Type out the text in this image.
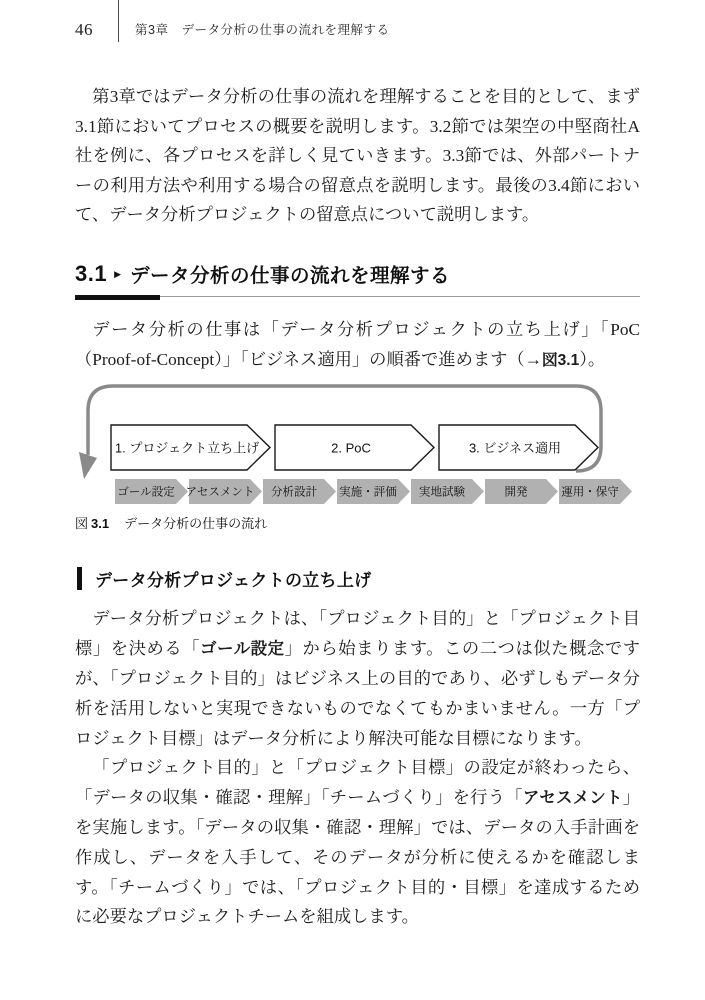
46	第3章　データ分析の仕事の流れを理解する

第3章ではデータ分析の仕事の流れを理解することを目的として、まず3.1節においてプロセスの概要を説明します。3.2節では架空の中堅商社A社を例に、各プロセスを詳しく見ていきます。3.3節では、外部パートナーの利用方法や利用する場合の留意点を説明します。最後の3.4節において、データ分析プロジェクトの留意点について説明します。

3.1 ▶ データ分析の仕事の流れを理解する

データ分析の仕事は「データ分析プロジェクトの立ち上げ」「PoC（Proof-of-Concept）」「ビジネス適用」の順番で進めます（→図3.1）。

1. プロジェクト立ち上げ	2. PoC	3. ビジネス適用
ゴール設定 アセスメント 分析設計 実施・評価 実地試験	開発	運用・保守
図 3.1 データ分析の仕事の流れ
データ分析プロジェクトの立ち上げ

データ分析プロジェクトは、「プロジェクト目的」と「プロジェクト目標」を決める「ゴール設定」から始まります。この二つは似た概念ですが、「プロジェクト目的」はビジネス上の目的であり、必ずしもデータ分析を活用しないと実現できないものでなくてもかまいません。一方「プロジェクト目標」はデータ分析により解決可能な目標になります。

「プロジェクト目的」と「プロジェクト目標」の設定が終わったら、「データの収集・確認・理解」「チームづくり」を行う「アセスメント」を実施します。「データの収集・確認・理解」では、データの入手計画を作成し、データを入手して、そのデータが分析に使えるかを確認します。「チームづくり」では、「プロジェクト目的・目標」を達成するために必要なプロジェクトチームを組成します。
